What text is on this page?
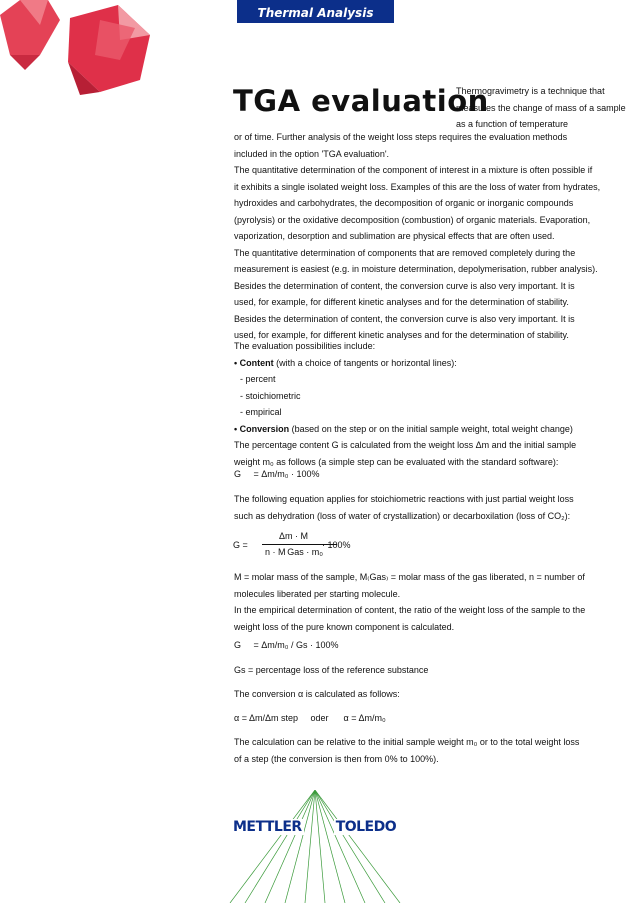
Thermal Analysis
TGA evaluation
Thermogravimetry is a technique that measures the change of mass of a sample as a function of temperature
or of time. Further analysis of the weight loss steps requires the evaluation methods
included in the option 'TGA evaluation'.
The quantitative determination of the component of interest in a mixture is often possible if
it exhibits a single isolated weight loss. Examples of this are the loss of water from hydrates,
hydroxides and carbohydrates, the decomposition of organic or inorganic compounds
(pyrolysis) or the oxidative decomposition (combustion) of organic materials. Evaporation,
vaporization, desorption and sublimation are physical effects that are often used.
The quantitative determination of components that are removed completely during the
measurement is easiest (e.g. in moisture determination, depolymerisation, rubber analysis).
Besides the determination of content, the conversion curve is also very important. It is
used, for example, for different kinetic analyses and for the determination of stability.
Besides the determination of content, the conversion curve is also very important. It is
used, for example, for different kinetic analyses and for the determination of stability.
The evaluation possibilities include:
• Content (with a choice of tangents or horizontal lines):
- percent
- stoichiometric
- empirical
• Conversion (based on the step or on the initial sample weight, total weight change)
The percentage content G is calculated from the weight loss Δm and the initial sample
weight m₀ as follows (a simple step can be evaluated with the standard software):
G     = Δm/m₀ · 100%
The following equation applies for stoichiometric reactions with just partial weight loss
such as dehydration (loss of water of crystallization) or decarboxilation (loss of CO₂):
G =
Δm · M
n · M Gas · m₀
· 100%
M = molar mass of the sample, M₍Gas₎ = molar mass of the gas liberated, n = number of
molecules liberated per starting molecule.
In the empirical determination of content, the ratio of the weight loss of the sample to the
weight loss of the pure known component is calculated.
G     = Δm/m₀ / Gs · 100%
Gs = percentage loss of the reference substance
The conversion α is calculated as follows:
α = Δm/Δm step     oder      α = Δm/m₀
The calculation can be relative to the initial sample weight m₀ or to the total weight loss
of a step (the conversion is then from 0% to 100%).
METTLER TOLEDO
